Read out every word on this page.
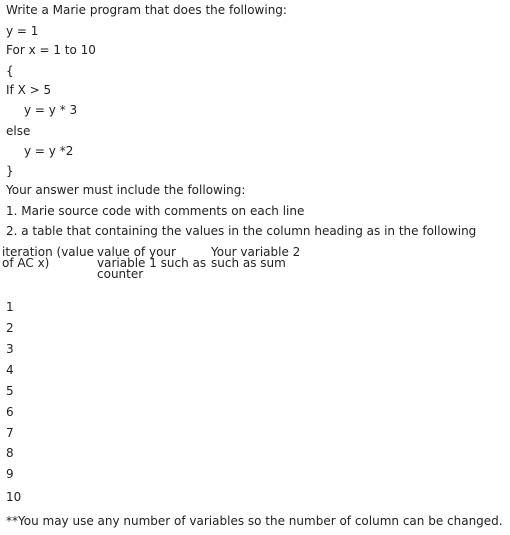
Write a Marie program that does the following:
y = 1
For x = 1 to 10
{
If X > 5
y = y * 3
else
y = y *2
}
Your answer must include the following:
1. Marie source code with comments on each line
2. a table that containing the values in the column heading as in the following
iteration (value of AC x)
value of your variable 1 such as counter
Your variable 2 such as sum
1
2
3
4
5
6
7
8
9
10
**You may use any number of variables so the number of column can be changed.
